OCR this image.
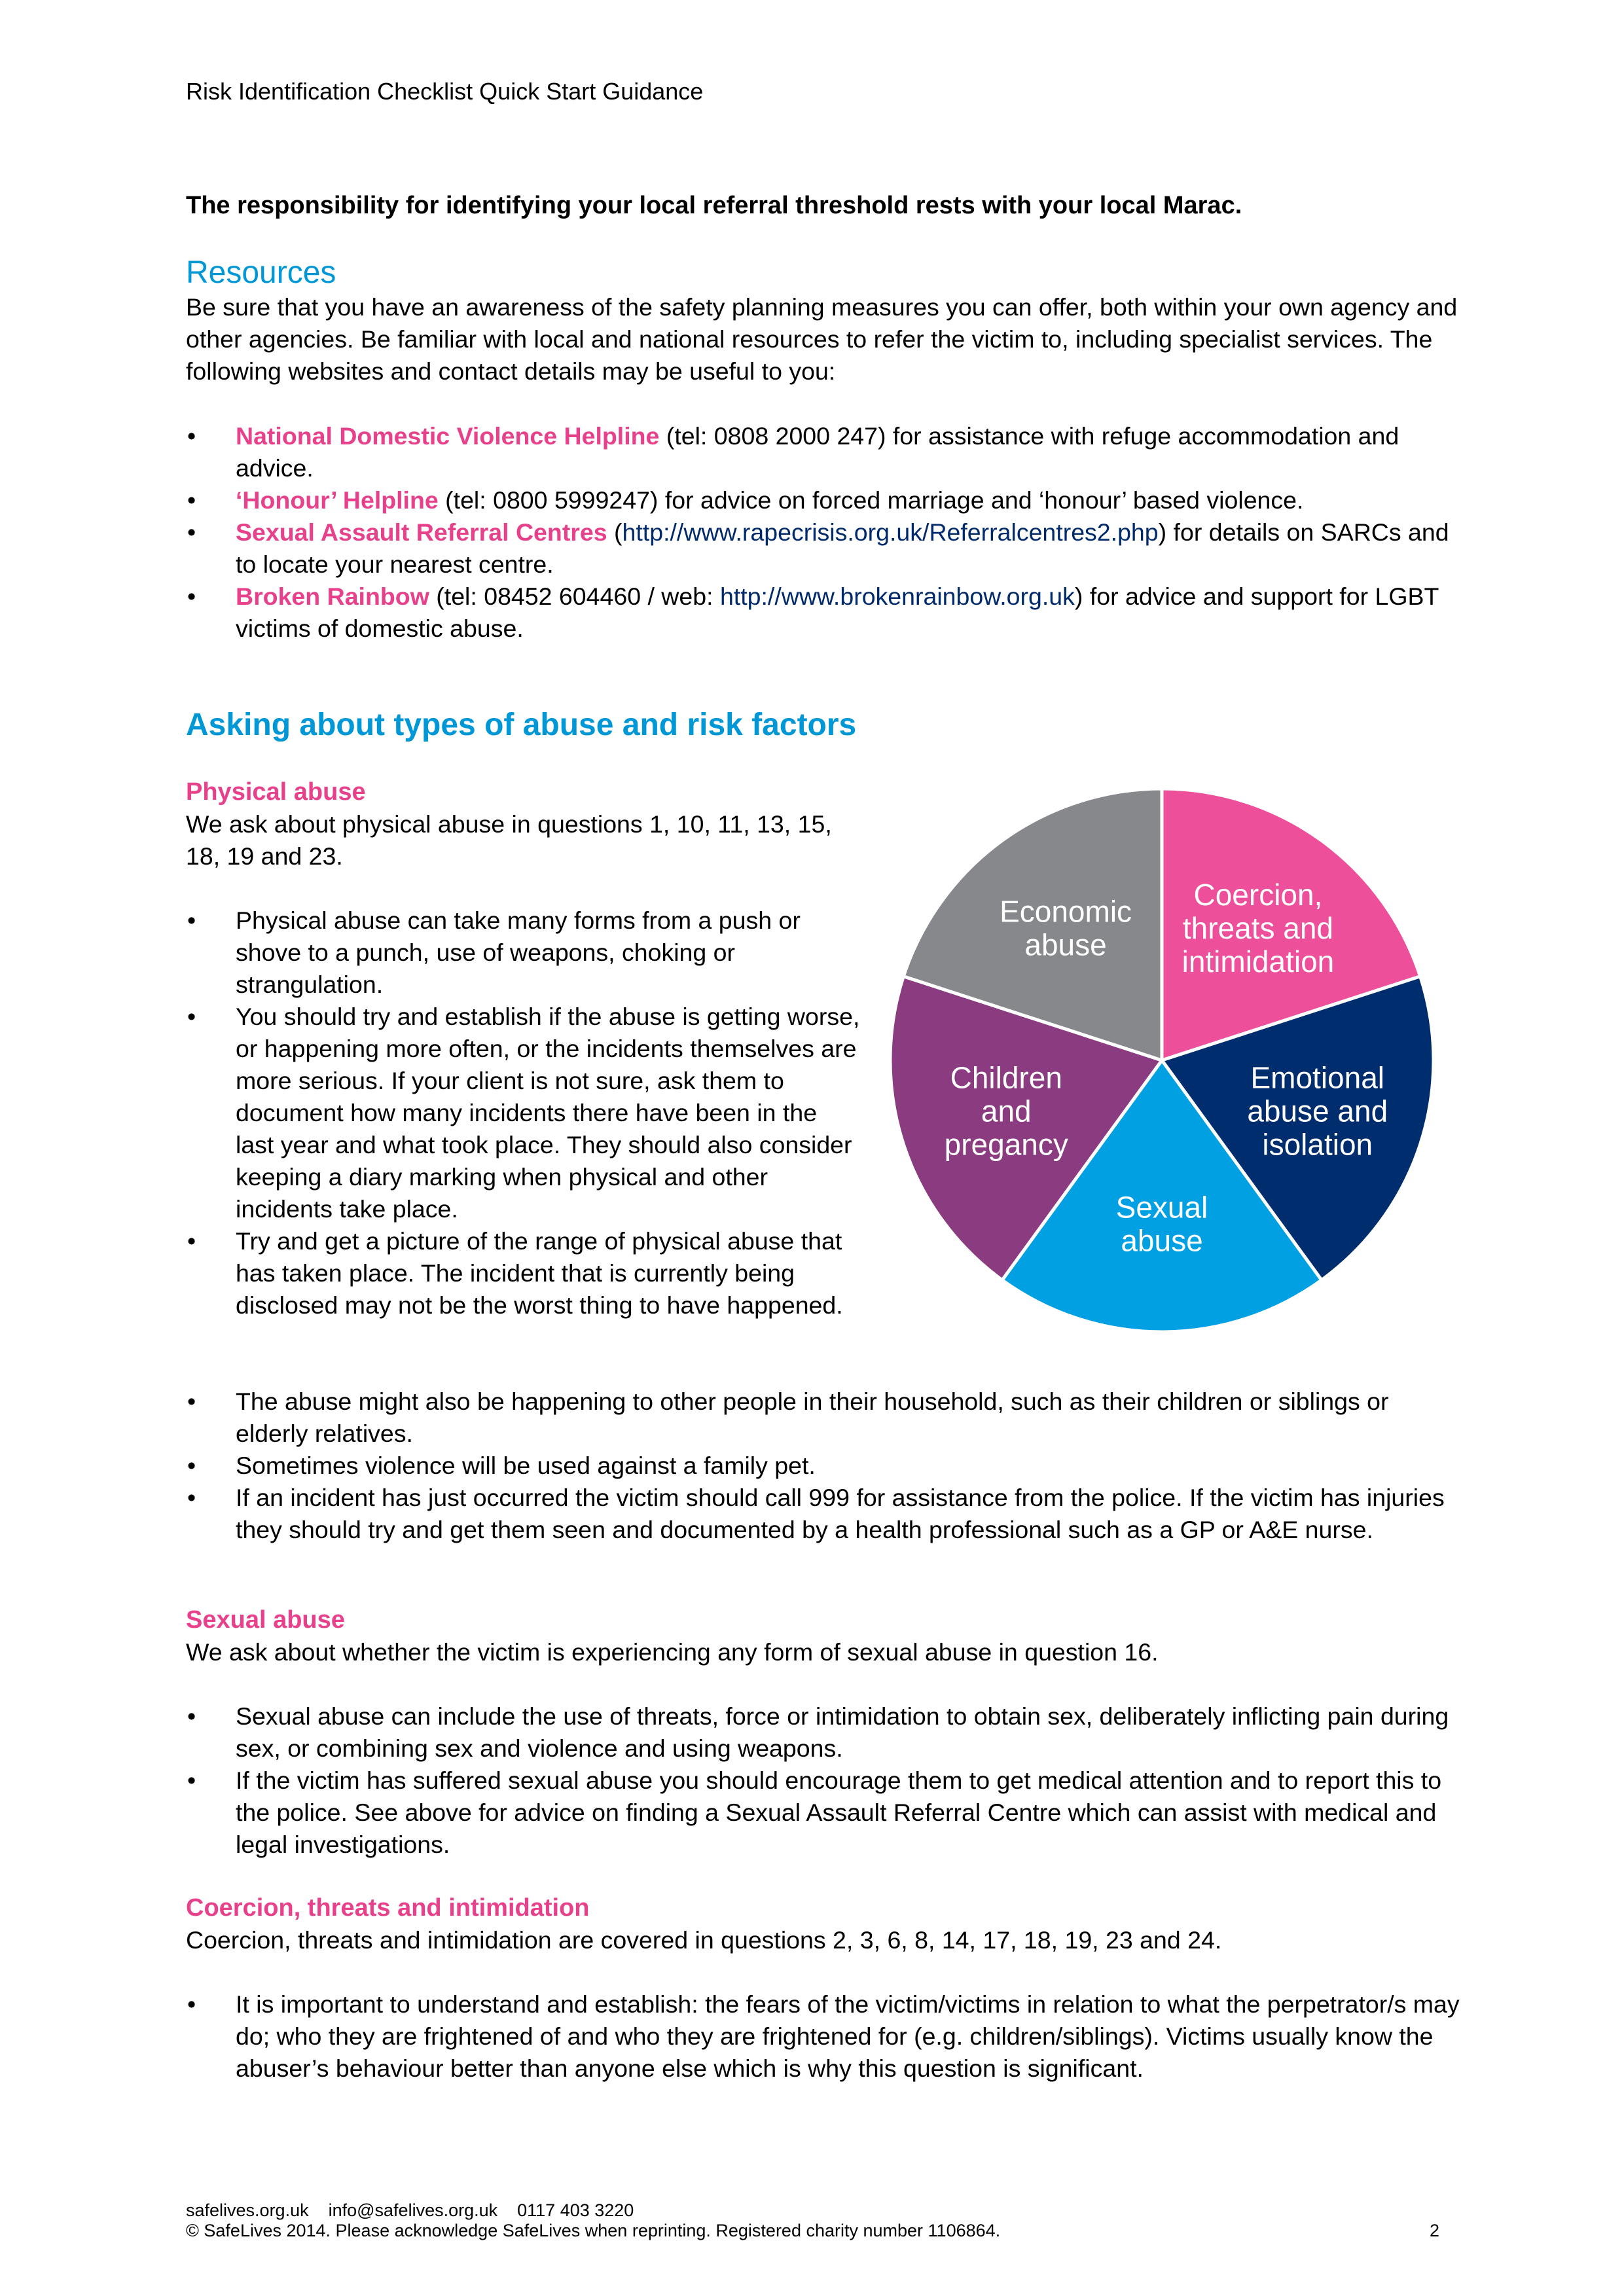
Risk Identification Checklist Quick Start Guidance
The responsibility for identifying your local referral threshold rests with your local Marac.
Resources
Be sure that you have an awareness of the safety planning measures you can offer, both within your own agency and other agencies. Be familiar with local and national resources to refer the victim to, including specialist services. The following websites and contact details may be useful to you:
• National Domestic Violence Helpline (tel: 0808 2000 247) for assistance with refuge accommodation and advice.
• ‘Honour’ Helpline (tel: 0800 5999247) for advice on forced marriage and ‘honour’ based violence.
• Sexual Assault Referral Centres (http://www.rapecrisis.org.uk/Referralcentres2.php) for details on SARCs and to locate your nearest centre.
• Broken Rainbow (tel: 08452 604460 / web: http://www.brokenrainbow.org.uk) for advice and support for LGBT victims of domestic abuse.
Asking about types of abuse and risk factors
Physical abuse
We ask about physical abuse in questions 1, 10, 11, 13, 15, 18, 19 and 23.
• Physical abuse can take many forms from a push or shove to a punch, use of weapons, choking or strangulation.
• You should try and establish if the abuse is getting worse, or happening more often, or the incidents themselves are more serious. If your client is not sure, ask them to document how many incidents there have been in the last year and what took place. They should also consider keeping a diary marking when physical and other incidents take place.
• Try and get a picture of the range of physical abuse that has taken place. The incident that is currently being disclosed may not be the worst thing to have happened.
• The abuse might also be happening to other people in their household, such as their children or siblings or elderly relatives.
• Sometimes violence will be used against a family pet.
• If an incident has just occurred the victim should call 999 for assistance from the police. If the victim has injuries they should try and get them seen and documented by a health professional such as a GP or A&E nurse.
Coercion, threats and intimidation
Emotional abuse and isolation
Sexual abuse
Children and pregancy
Economic abuse
Sexual abuse
We ask about whether the victim is experiencing any form of sexual abuse in question 16.
• Sexual abuse can include the use of threats, force or intimidation to obtain sex, deliberately inflicting pain during sex, or combining sex and violence and using weapons.
• If the victim has suffered sexual abuse you should encourage them to get medical attention and to report this to the police. See above for advice on finding a Sexual Assault Referral Centre which can assist with medical and legal investigations.
Coercion, threats and intimidation
Coercion, threats and intimidation are covered in questions 2, 3, 6, 8, 14, 17, 18, 19, 23 and 24.
• It is important to understand and establish: the fears of the victim/victims in relation to what the perpetrator/s may do; who they are frightened of and who they are frightened for (e.g. children/siblings). Victims usually know the abuser’s behaviour better than anyone else which is why this question is significant.
safelives.org.uk    info@safelives.org.uk    0117 403 3220
© SafeLives 2014. Please acknowledge SafeLives when reprinting. Registered charity number 1106864.	2
